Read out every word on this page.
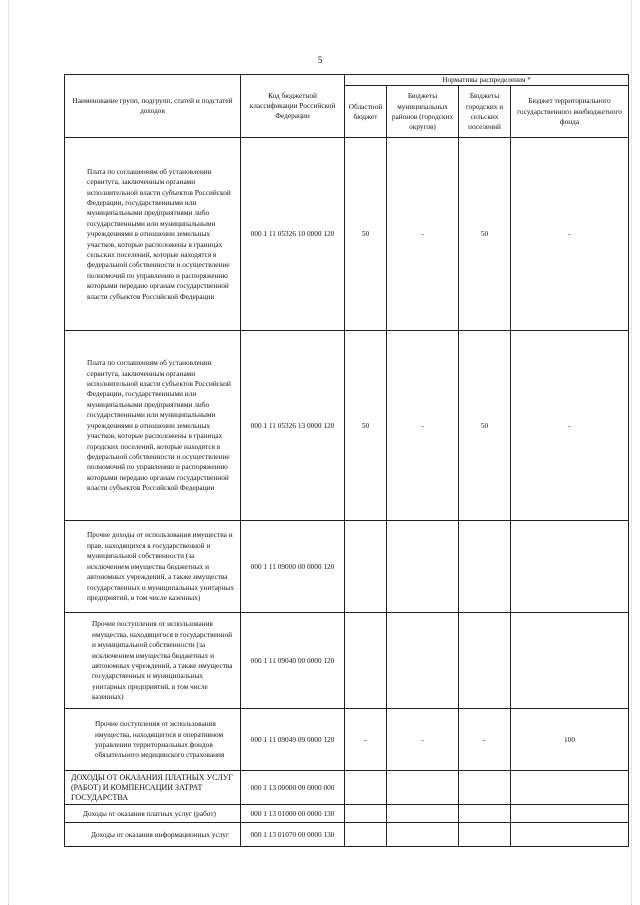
5
Наименование групп, подгрупп, статей и подстатей доходов	Код бюджетной классификации Российской Федерации	Нормативы распределения *			
		Областной бюджет	Бюджеты муниципальных районов (городских округов)	Бюджеты городских и сельских поселений	Бюджет территориального государственного внебюджетного фонда
Плата по соглашениям об установлении сервитута, заключенным органами исполнительной власти субъектов Российской Федерации, государственными или муниципальными предприятиями либо государственными или муниципальными учреждениями в отношении земельных участков, которые расположены в границах сельских поселений, которые находятся в федеральной собственности и осуществление полномочий по управлению и распоряжению которыми передано органам государственной власти субъектов Российской Федерации	000 1 11 05326 10 0000 120	50	-	50	-
Плата по соглашениям об установлении сервитута, заключенным органами исполнительной власти субъектов Российской Федерации, государственными или муниципальными предприятиями либо государственными или муниципальными учреждениями в отношении земельных участков, которые расположены в границах городских поселений, которые находятся в федеральной собственности и осуществление полномочий по управлению и распоряжению которыми передано органам государственной власти субъектов Российской Федерации	000 1 11 05326 13 0000 120	50	-	50	-
Прочие доходы от использования имущества и прав, находящихся в государственной и муниципальной собственности (за исключением имущества бюджетных и автономных учреждений, а также имущества государственных и муниципальных унитарных предприятий, в том числе казенных)	000 1 11 09000 00 0000 120				
Прочие поступления от использования имущества, находящегося в государственной и муниципальной собственности (за исключением имущества бюджетных и автономных учреждений, а также имущества государственных и муниципальных унитарных предприятий, в том числе казенных)	000 1 11 09040 00 0000 120				
Прочие поступления от использования имущества, находящегося в оперативном управлении территориальных фондов обязательного медицинского страхования	000 1 11 09049 09 0000 120	-	-	-	100
ДОХОДЫ ОТ ОКАЗАНИЯ ПЛАТНЫХ УСЛУГ (РАБОТ) И КОМПЕНСАЦИИ ЗАТРАТ ГОСУДАРСТВА	000 1 13 00000 00 0000 000				
Доходы от оказания платных услуг (работ)	000 1 13 01000 00 0000 130				
Доходы от оказания информационных услуг	000 1 13 01070 00 0000 130				
